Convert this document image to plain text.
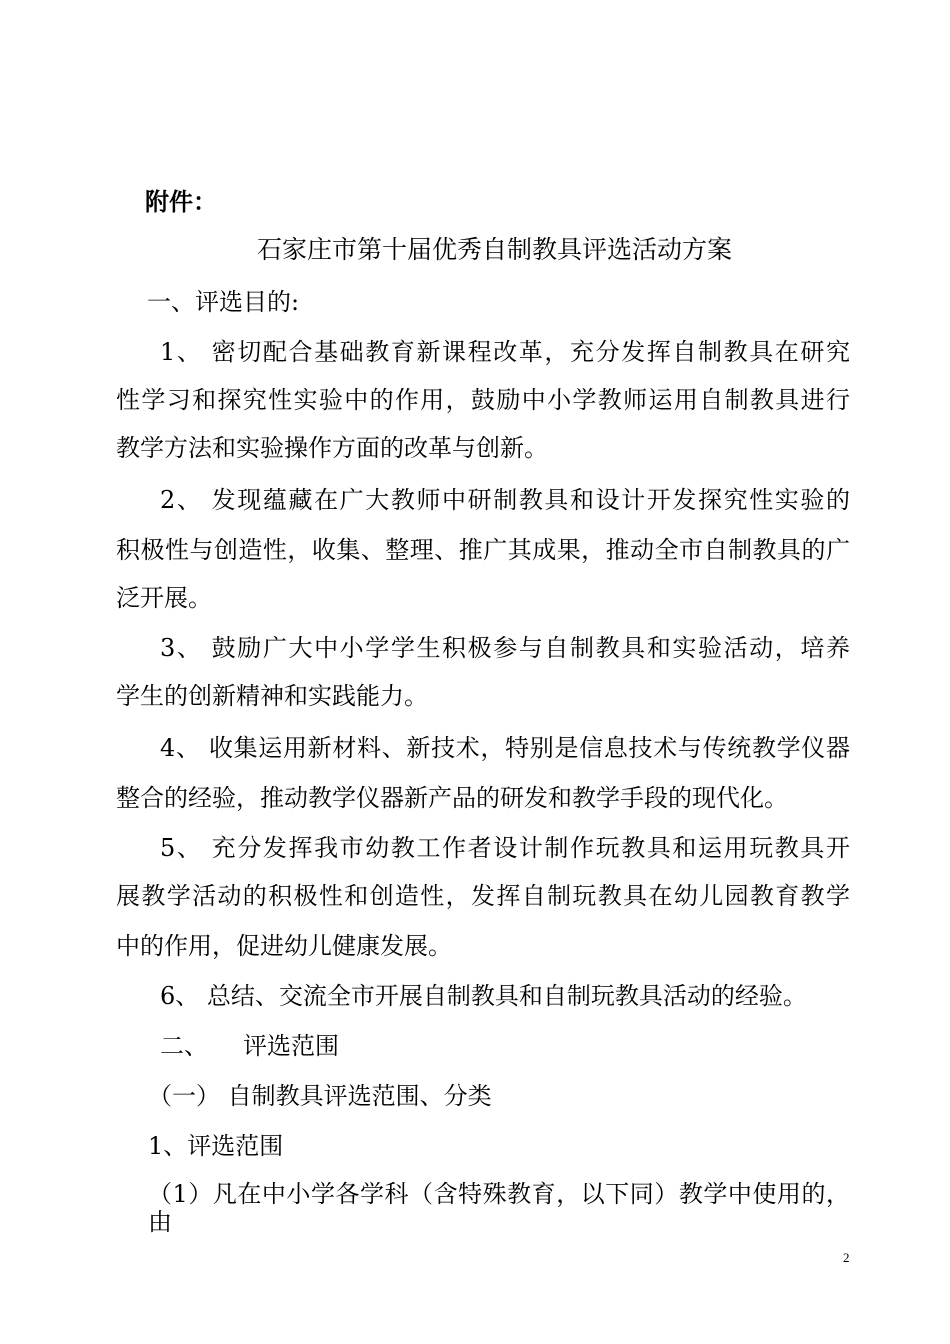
附件：
石家庄市第十届优秀自制教具评选活动方案
一、评选目的:
1、 密切配合基础教育新课程改革，充分发挥自制教具在研究
性学习和探究性实验中的作用，鼓励中小学教师运用自制教具进行
教学方法和实验操作方面的改革与创新。
2、 发现蕴藏在广大教师中研制教具和设计开发探究性实验的
积极性与创造性，收集、整理、推广其成果，推动全市自制教具的广
泛开展。
3、 鼓励广大中小学学生积极参与自制教具和实验活动，培养
学生的创新精神和实践能力。
4、 收集运用新材料、新技术，特别是信息技术与传统教学仪器
整合的经验，推动教学仪器新产品的研发和教学手段的现代化。
5、 充分发挥我市幼教工作者设计制作玩教具和运用玩教具开
展教学活动的积极性和创造性，发挥自制玩教具在幼儿园教育教学
中的作用，促进幼儿健康发展。
6、 总结、交流全市开展自制教具和自制玩教具活动的经验。
二、 评选范围
（一） 自制教具评选范围、分类
1、评选范围
（1）凡在中小学各学科（含特殊教育，以下同）教学中使用的，由
2
